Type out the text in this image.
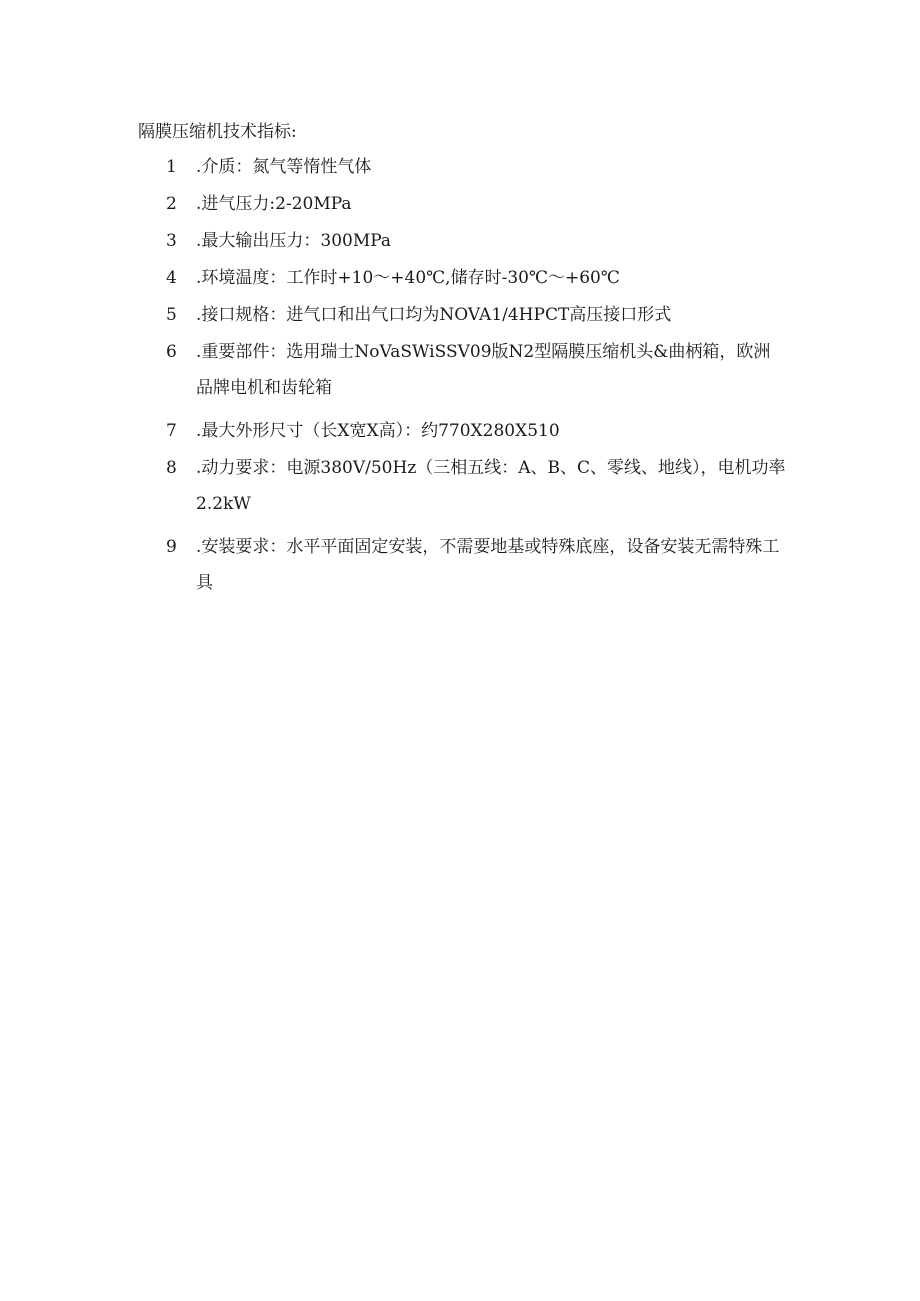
隔膜压缩机技术指标:
1	.介质：氮气等惰性气体
2	.进气压力:2-20MPa
3	.最大输出压力：300MPa
4	.环境温度：工作时+10～+40℃,储存时-30℃～+60℃
5	.接口规格：进气口和出气口均为NOVA1/4HPCT高压接口形式
6	.重要部件：选用瑞士NoVaSWiSSV09版N2型隔膜压缩机头&曲柄箱，欧洲品牌电机和齿轮箱
7	.最大外形尺寸（长X宽X高）：约770X280X510
8	.动力要求：电源380V/50Hz（三相五线：A、B、C、零线、地线），电机功率2.2kW
9	.安装要求：水平平面固定安装，不需要地基或特殊底座，设备安装无需特殊工具
